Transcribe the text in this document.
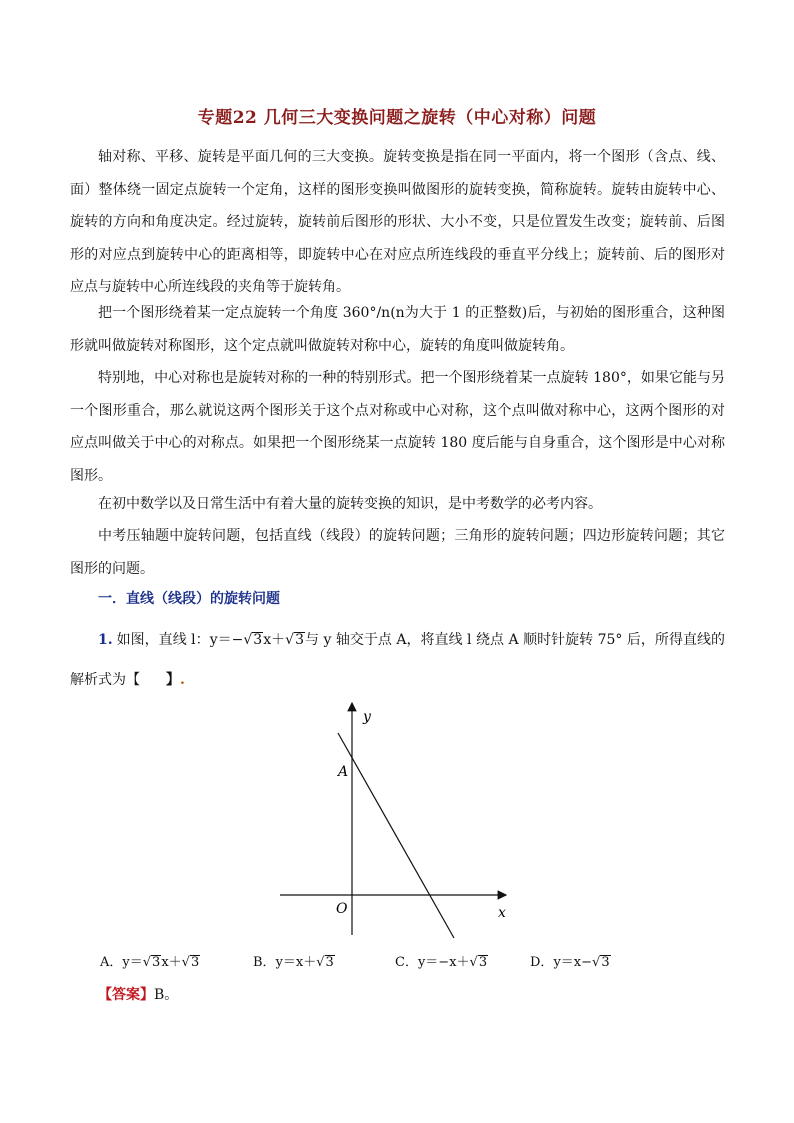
专题22 几何三大变换问题之旋转（中心对称）问题
轴对称、平移、旋转是平面几何的三大变换。旋转变换是指在同一平面内，将一个图形（含点、线、面）整体绕一固定点旋转一个定角，这样的图形变换叫做图形的旋转变换，简称旋转。旋转由旋转中心、旋转的方向和角度决定。经过旋转，旋转前后图形的形状、大小不变，只是位置发生改变；旋转前、后图形的对应点到旋转中心的距离相等，即旋转中心在对应点所连线段的垂直平分线上；旋转前、后的图形对应点与旋转中心所连线段的夹角等于旋转角。
把一个图形绕着某一定点旋转一个角度 360°/n(n为大于 1 的正整数)后，与初始的图形重合，这种图形就叫做旋转对称图形，这个定点就叫做旋转对称中心，旋转的角度叫做旋转角。
特别地，中心对称也是旋转对称的一种的特别形式。把一个图形绕着某一点旋转 180°，如果它能与另一个图形重合，那么就说这两个图形关于这个点对称或中心对称，这个点叫做对称中心，这两个图形的对应点叫做关于中心的对称点。如果把一个图形绕某一点旋转 180 度后能与自身重合，这个图形是中心对称图形。
在初中数学以及日常生活中有着大量的旋转变换的知识，是中考数学的必考内容。
中考压轴题中旋转问题，包括直线（线段）的旋转问题；三角形的旋转问题；四边形旋转问题；其它图形的问题。
一．直线（线段）的旋转问题
1. 如图，直线 l：y＝−√3x＋√3与 y 轴交于点 A，将直线 l 绕点 A 顺时针旋转 75° 后，所得直线的解析式为【 】.
y
x
O
A
A．y＝√3x＋√3	B．y＝x＋√3	C．y＝−x＋√3	D．y＝x−√3
【答案】B。
